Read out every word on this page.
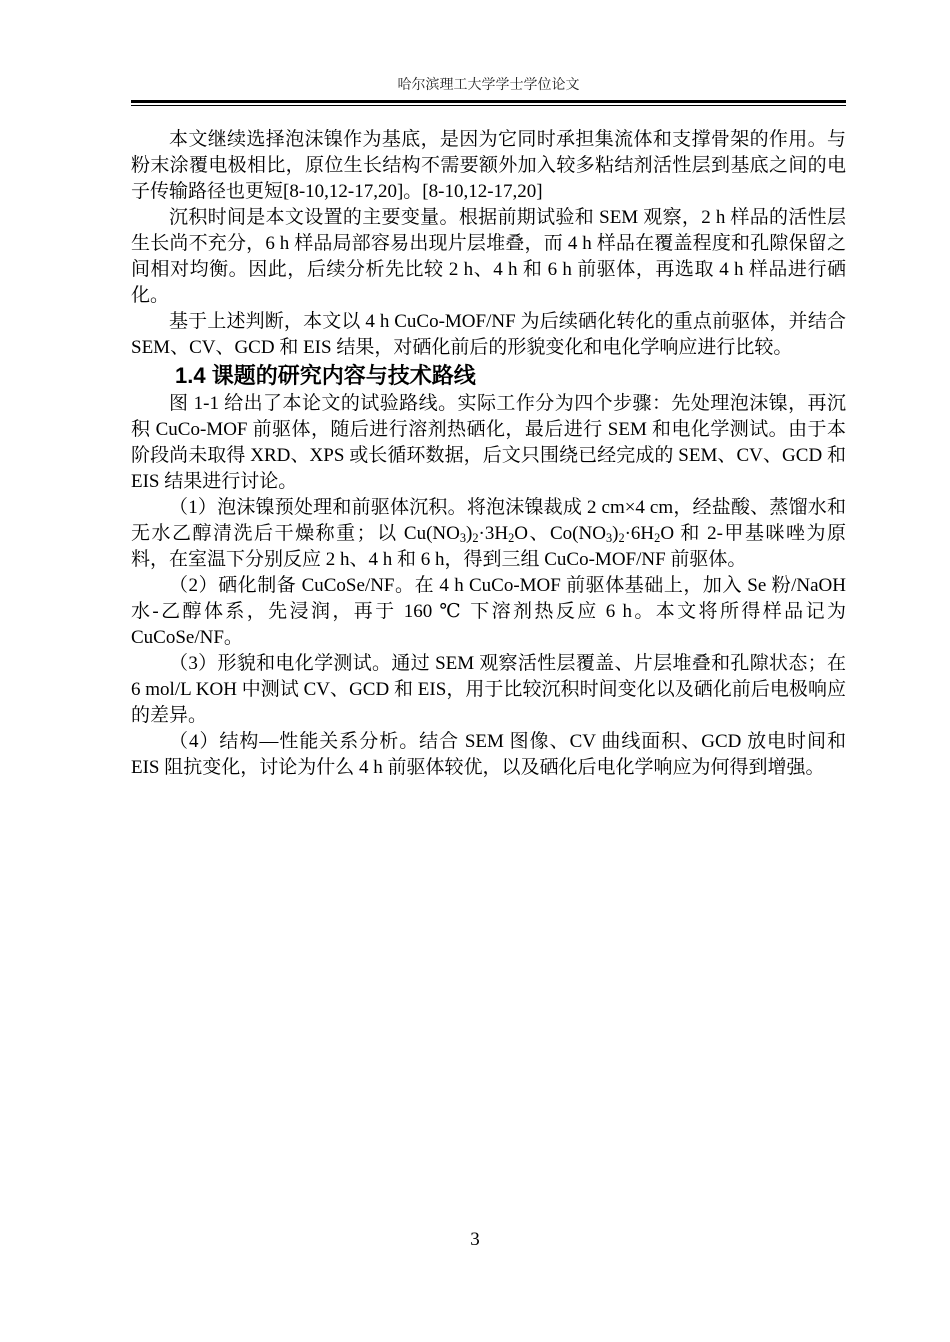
哈尔滨理工大学学士学位论文

本文继续选择泡沫镍作为基底，是因为它同时承担集流体和支撑骨架的作用。与粉末涂覆电极相比，原位生长结构不需要额外加入较多粘结剂活性层到基底之间的电子传输路径也更短[8-10,12-17,20]。[8-10,12-17,20]

沉积时间是本文设置的主要变量。根据前期试验和 SEM 观察，2 h 样品的活性层生长尚不充分，6 h 样品局部容易出现片层堆叠，而 4 h 样品在覆盖程度和孔隙保留之间相对均衡。因此，后续分析先比较 2 h、4 h 和 6 h 前驱体，再选取 4 h 样品进行硒化。

基于上述判断，本文以 4 h CuCo-MOF/NF 为后续硒化转化的重点前驱体，并结合 SEM、CV、GCD 和 EIS 结果，对硒化前后的形貌变化和电化学响应进行比较。

1.4 课题的研究内容与技术路线

图 1-1 给出了本论文的试验路线。实际工作分为四个步骤：先处理泡沫镍，再沉积 CuCo-MOF 前驱体，随后进行溶剂热硒化，最后进行 SEM 和电化学测试。由于本阶段尚未取得 XRD、XPS 或长循环数据，后文只围绕已经完成的 SEM、CV、GCD 和 EIS 结果进行讨论。

（1）泡沫镍预处理和前驱体沉积。将泡沫镍裁成 2 cm×4 cm，经盐酸、蒸馏水和无水乙醇清洗后干燥称重；以 $Cu(NO_3)_2\cdot 3H_2O$、$Co(NO_3)_2\cdot 6H_2O$ 和 2-甲基咪唑为原料，在室温下分别反应 2 h、4 h 和 6 h，得到三组 CuCo-MOF/NF 前驱体。

（2）硒化制备 CuCoSe/NF。在 4 h CuCo-MOF 前驱体基础上，加入 Se 粉/NaOH 水-乙醇体系，先浸润，再于 160 ℃ 下溶剂热反应 6 h。本文将所得样品记为 CuCoSe/NF。

（3）形貌和电化学测试。通过 SEM 观察活性层覆盖、片层堆叠和孔隙状态；在 6 mol/L KOH 中测试 CV、GCD 和 EIS，用于比较沉积时间变化以及硒化前后电极响应的差异。

（4）结构—性能关系分析。结合 SEM 图像、CV 曲线面积、GCD 放电时间和 EIS 阻抗变化，讨论为什么 4 h 前驱体较优，以及硒化后电化学响应为何得到增强。

3
